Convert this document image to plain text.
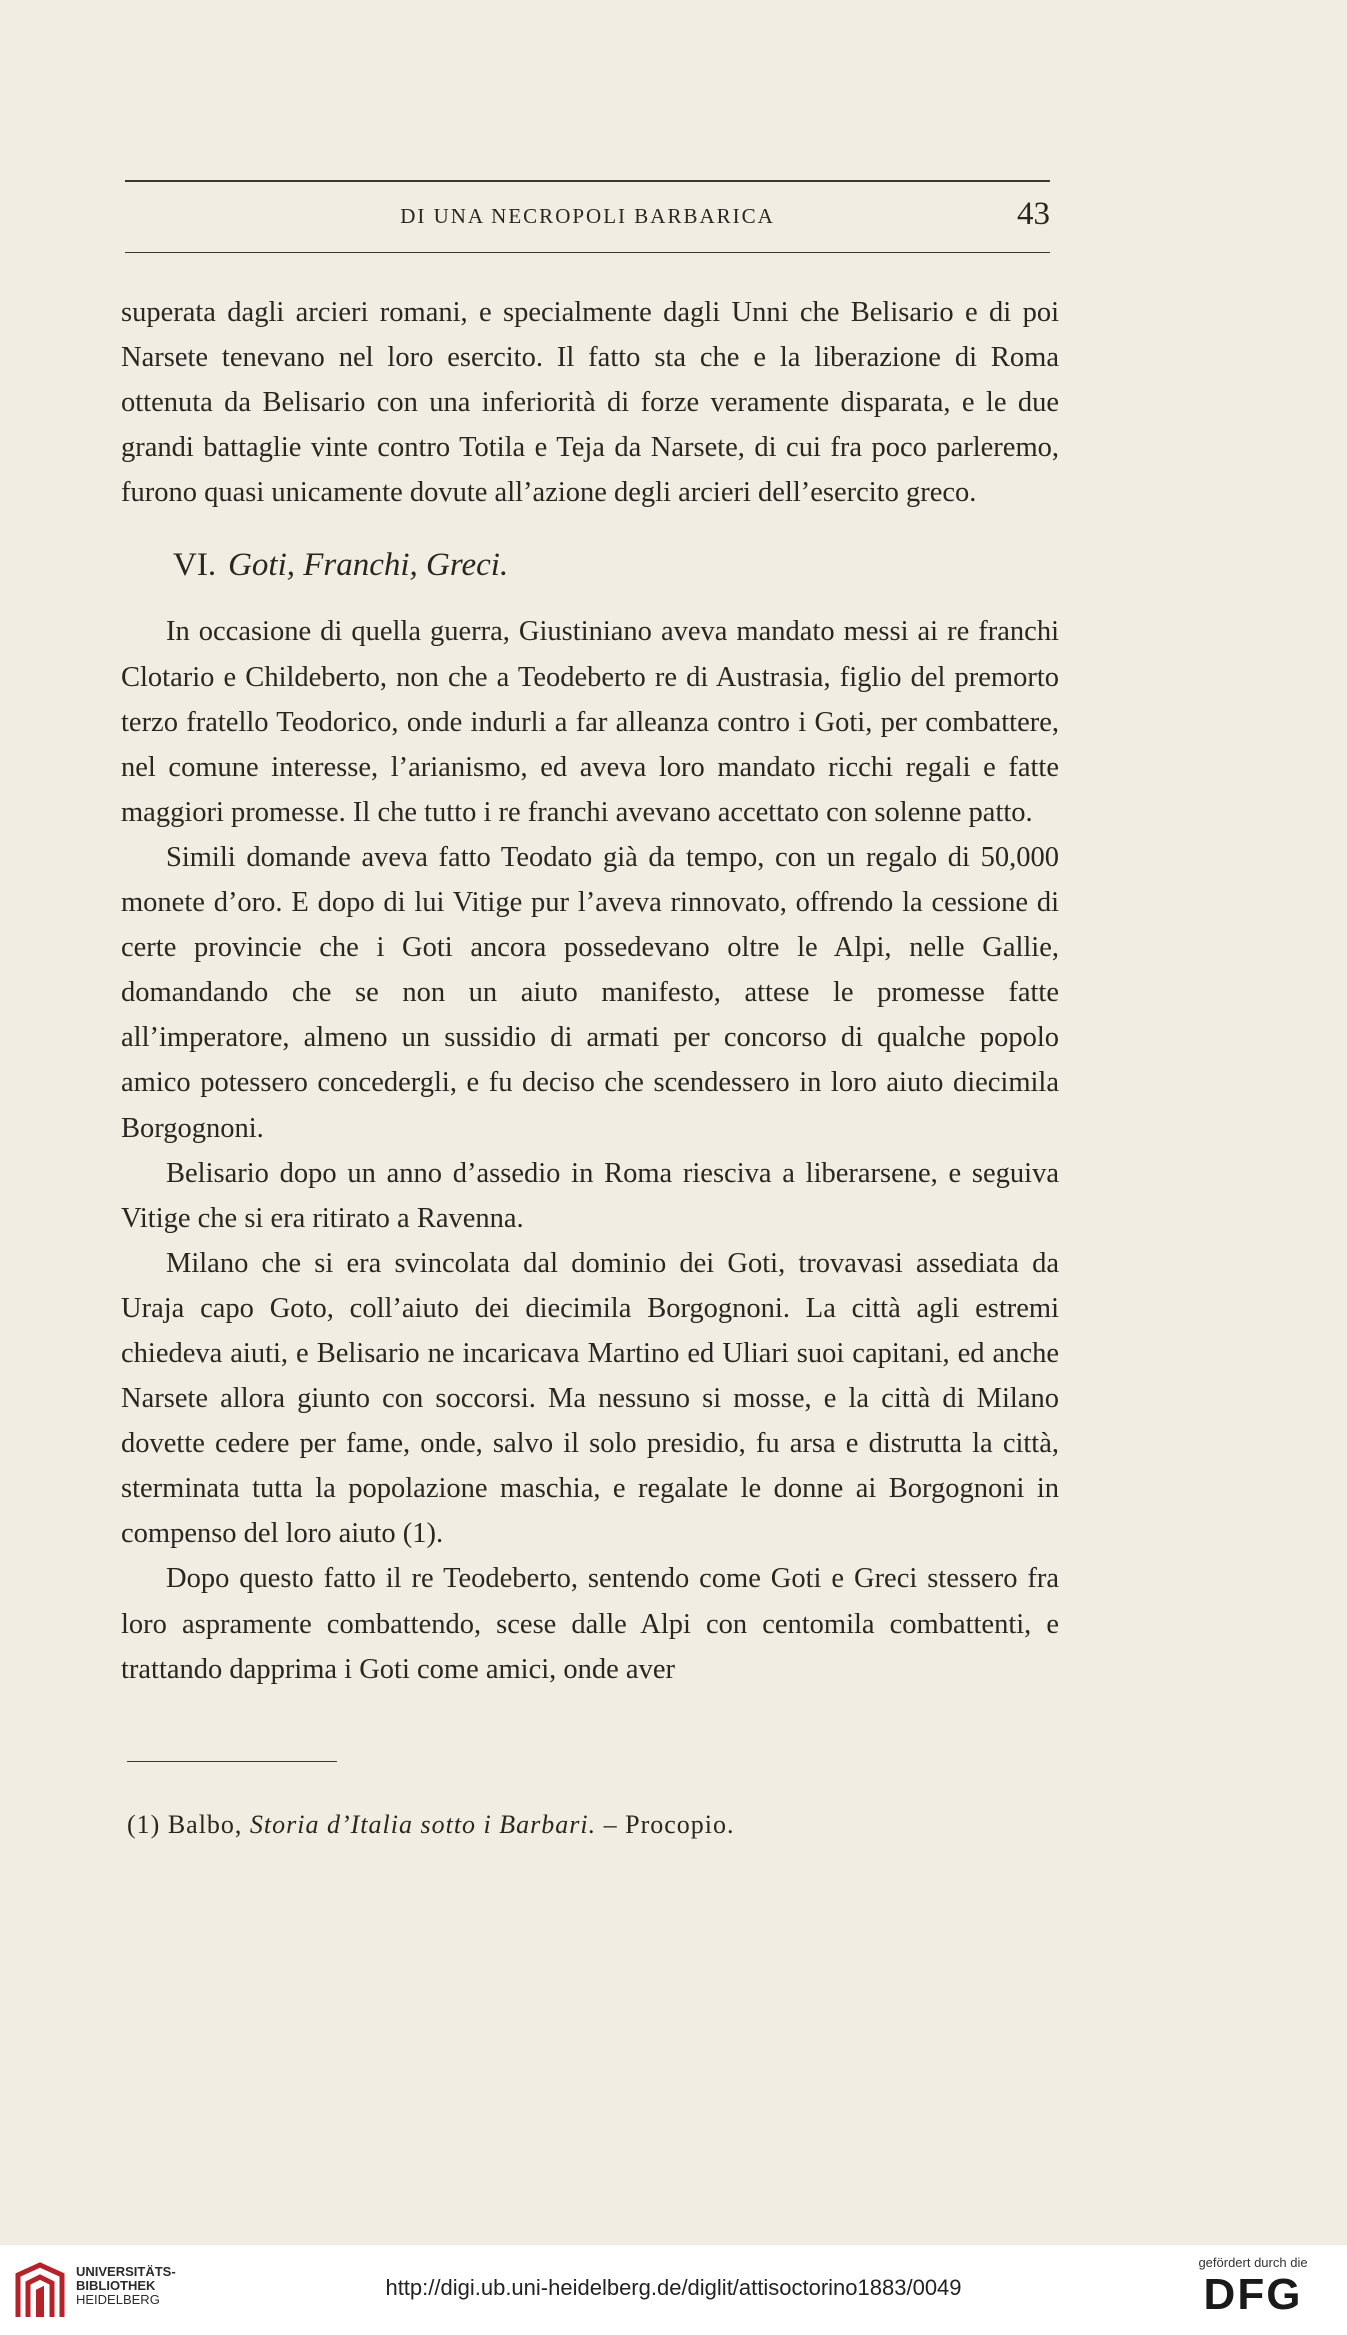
DI UNA NECROPOLI BARBARICA	43

superata dagli arcieri romani, e specialmente dagli Unni che Belisario e di poi Narsete tenevano nel loro esercito. Il fatto sta che e la liberazione di Roma ottenuta da Belisario con una inferiorità di forze veramente disparata, e le due grandi battaglie vinte contro Totila e Teja da Narsete, di cui fra poco parleremo, furono quasi unicamente dovute all’azione degli arcieri dell’esercito greco.

VI. Goti, Franchi, Greci.

In occasione di quella guerra, Giustiniano aveva mandato messi ai re franchi Clotario e Childeberto, non che a Teodeberto re di Austrasia, figlio del premorto terzo fratello Teodorico, onde indurli a far alleanza contro i Goti, per combattere, nel comune interesse, l’arianismo, ed aveva loro mandato ricchi regali e fatte maggiori promesse. Il che tutto i re franchi avevano accettato con solenne patto.

Simili domande aveva fatto Teodato già da tempo, con un regalo di 50,000 monete d’oro. E dopo di lui Vitige pur l’aveva rinnovato, offrendo la cessione di certe provincie che i Goti ancora possedevano oltre le Alpi, nelle Gallie, domandando che se non un aiuto manifesto, attese le promesse fatte all’imperatore, almeno un sussidio di armati per concorso di qualche popolo amico potessero concedergli, e fu deciso che scendessero in loro aiuto diecimila Borgognoni.

Belisario dopo un anno d’assedio in Roma riesciva a liberarsene, e seguiva Vitige che si era ritirato a Ravenna.

Milano che si era svincolata dal dominio dei Goti, trovavasi assediata da Uraja capo Goto, coll’aiuto dei diecimila Borgognoni. La città agli estremi chiedeva aiuti, e Belisario ne incaricava Martino ed Uliari suoi capitani, ed anche Narsete allora giunto con soccorsi. Ma nessuno si mosse, e la città di Milano dovette cedere per fame, onde, salvo il solo presidio, fu arsa e distrutta la città, sterminata tutta la popolazione maschia, e regalate le donne ai Borgognoni in compenso del loro aiuto (1).

Dopo questo fatto il re Teodeberto, sentendo come Goti e Greci stessero fra loro aspramente combattendo, scese dalle Alpi con centomila combattenti, e trattando dapprima i Goti come amici, onde aver

(1) Balbo, Storia d’Italia sotto i Barbari. – Procopio.
UNIVERSITÄTS-
BIBLIOTHEK
HEIDELBERG	http://digi.ub.uni-heidelberg.de/diglit/attisoctorino1883/0049
gefördert durch die
DFG
